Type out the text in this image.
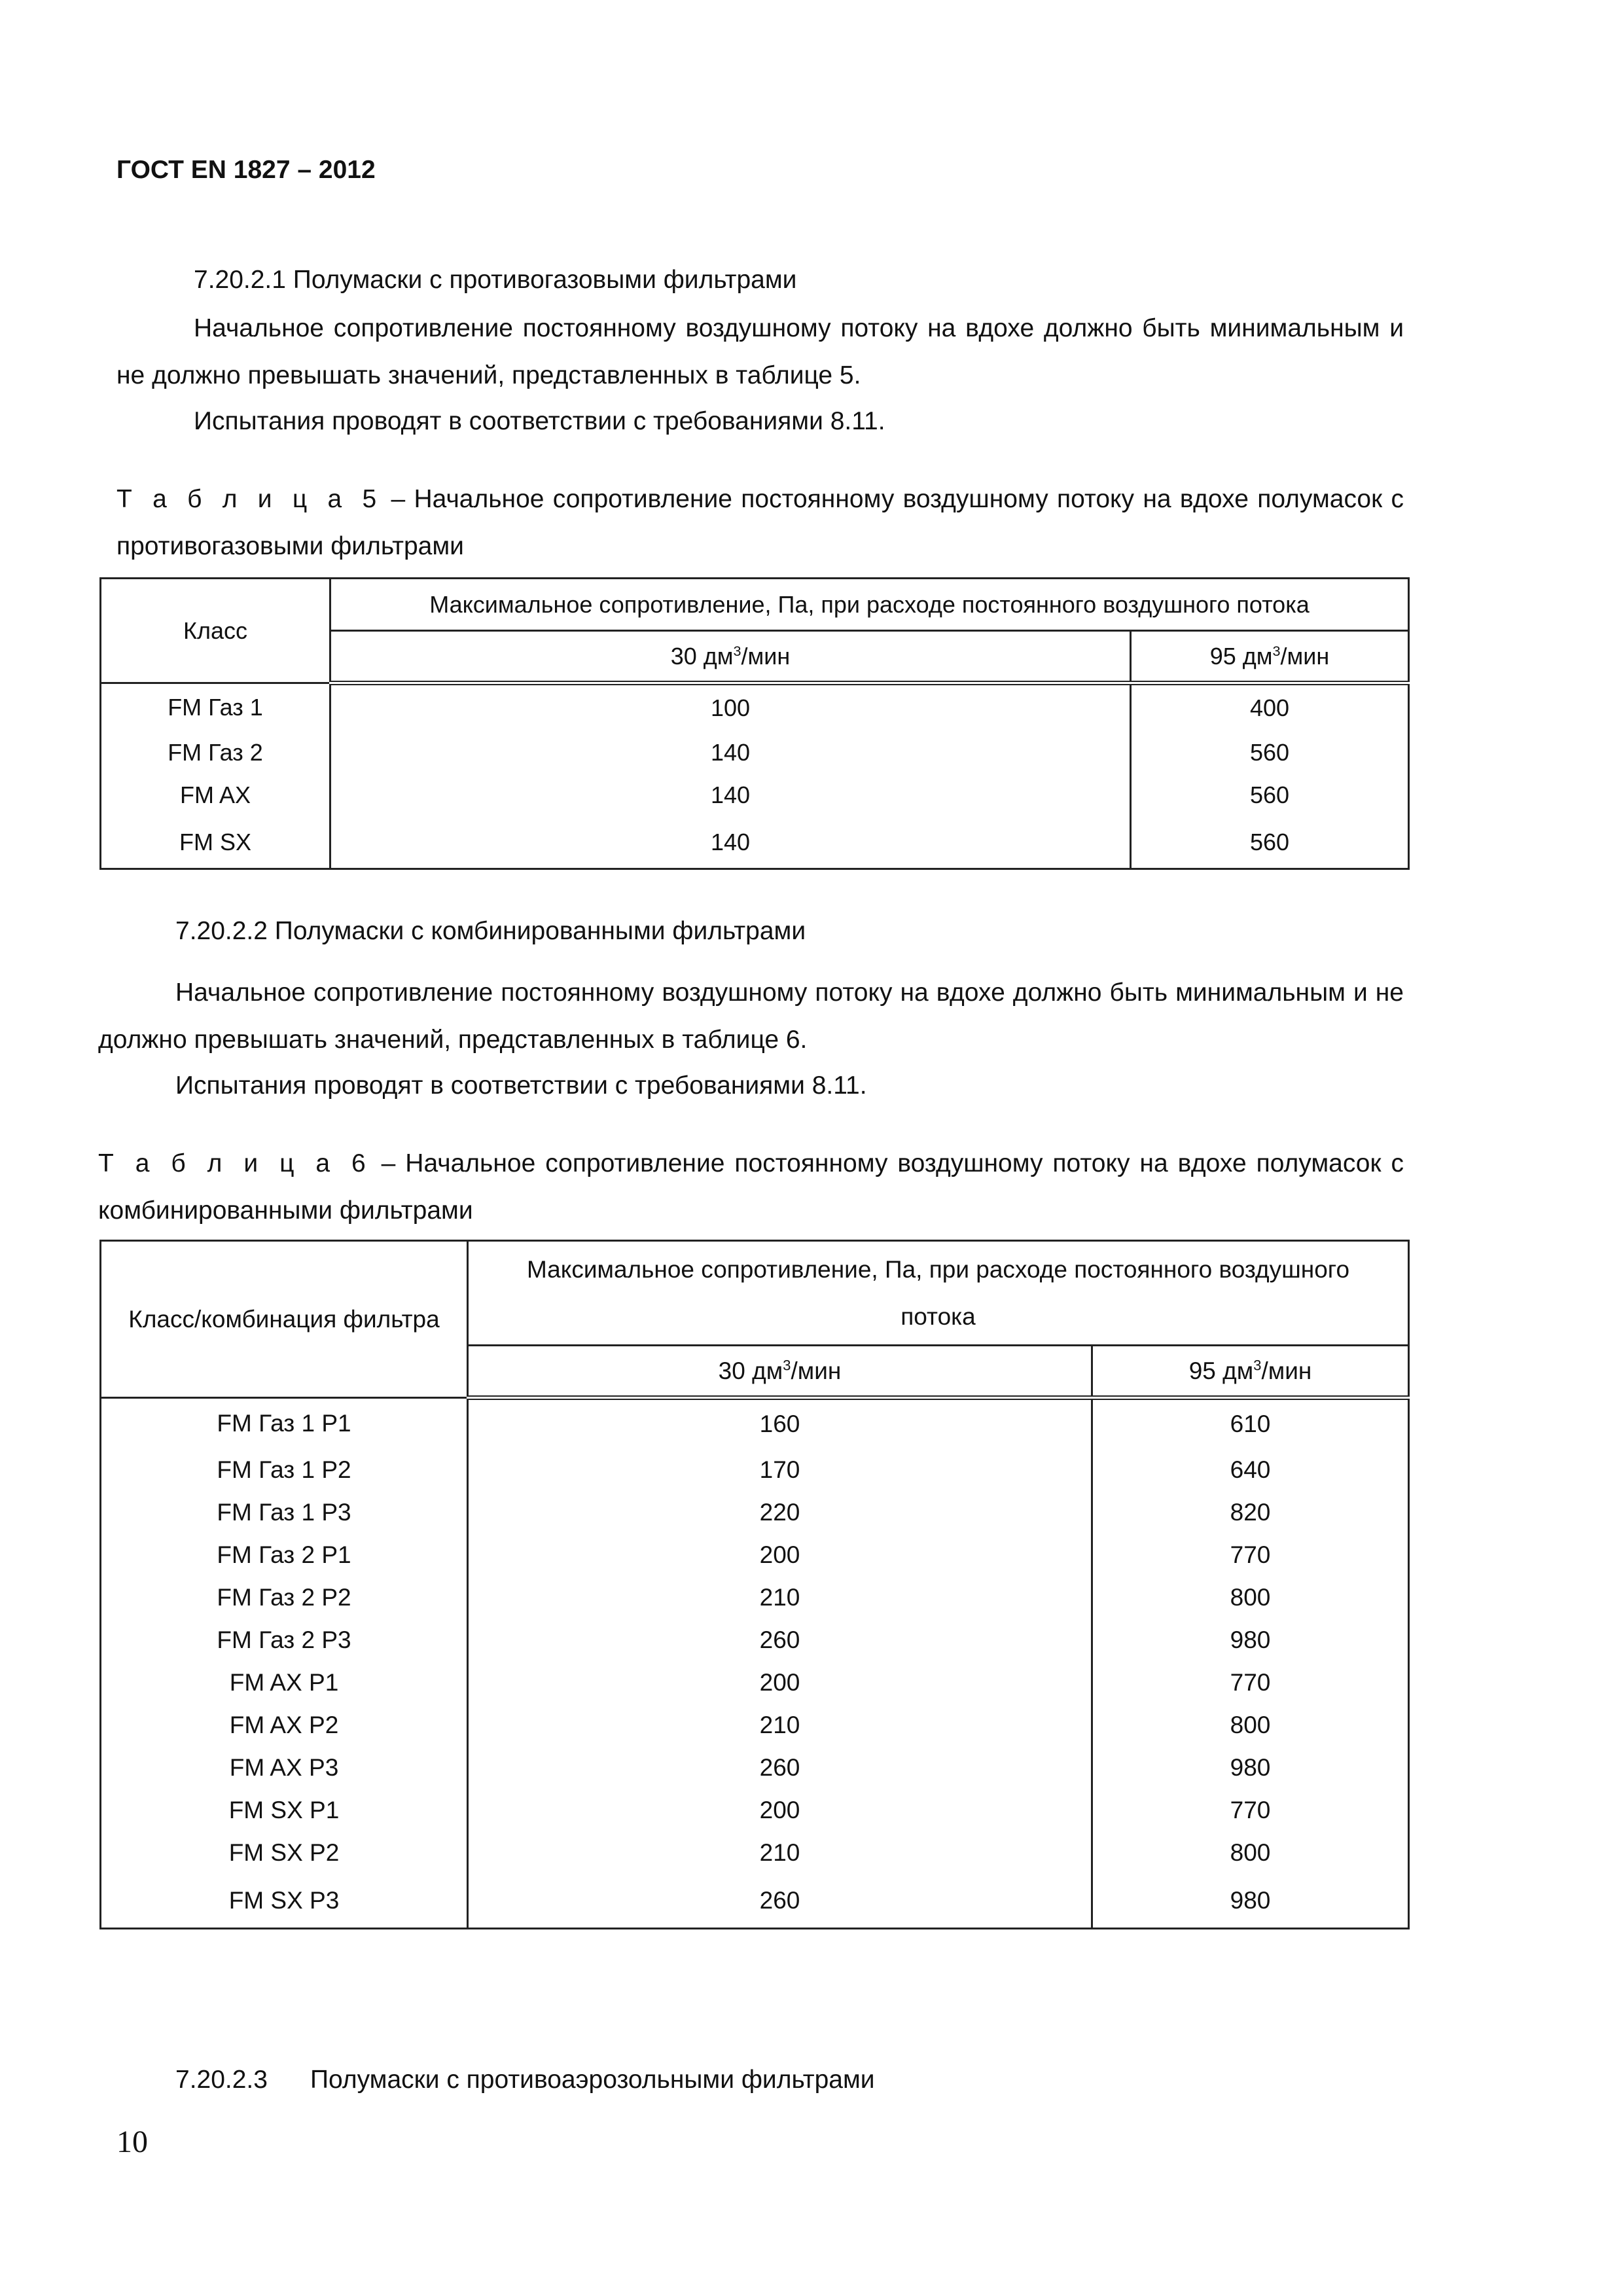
ГОСТ EN 1827 – 2012
7.20.2.1 Полумаски с противогазовыми фильтрами
Начальное сопротивление постоянному воздушному потоку на вдохе должно быть минимальным и не должно превышать значений, представленных в таблице 5.
Испытания проводят в соответствии с требованиями 8.11.
Т а б л и ц а 5 – Начальное сопротивление постоянному воздушному потоку на вдохе полумасок с противогазовыми фильтрами
Класс	Максимальное сопротивление, Па, при расходе постоянного воздушного потока	
	30 $дм^3$/мин	95 $дм^3$/мин
FM Газ 1	100	400
FM Газ 2	140	560
FM AX	140	560
FM SX	140	560
7.20.2.2 Полумаски с комбинированными фильтрами
Начальное сопротивление постоянному воздушному потоку на вдохе должно быть минимальным и не должно превышать значений, представленных в таблице 6.
Испытания проводят в соответствии с требованиями 8.11.
Т а б л и ц а 6 – Начальное сопротивление постоянному воздушному потоку на вдохе полумасок с комбинированными фильтрами
Класс/комбинация фильтра	Максимальное сопротивление, Па, при расходе постоянного воздушного потока	
	30 $дм^3$/мин	95 $дм^3$/мин
FM Газ 1 P1	160	610
FM Газ 1 P2	170	640
FM Газ 1 P3	220	820
FM Газ 2 P1	200	770
FM Газ 2 P2	210	800
FM Газ 2 P3	260	980
FM AX P1	200	770
FM AX P2	210	800
FM AX P3	260	980
FM SX P1	200	770
FM SX P2	210	800
FM SX P3	260	980
7.20.2.3      Полумаски с противоаэрозольными фильтрами
10
